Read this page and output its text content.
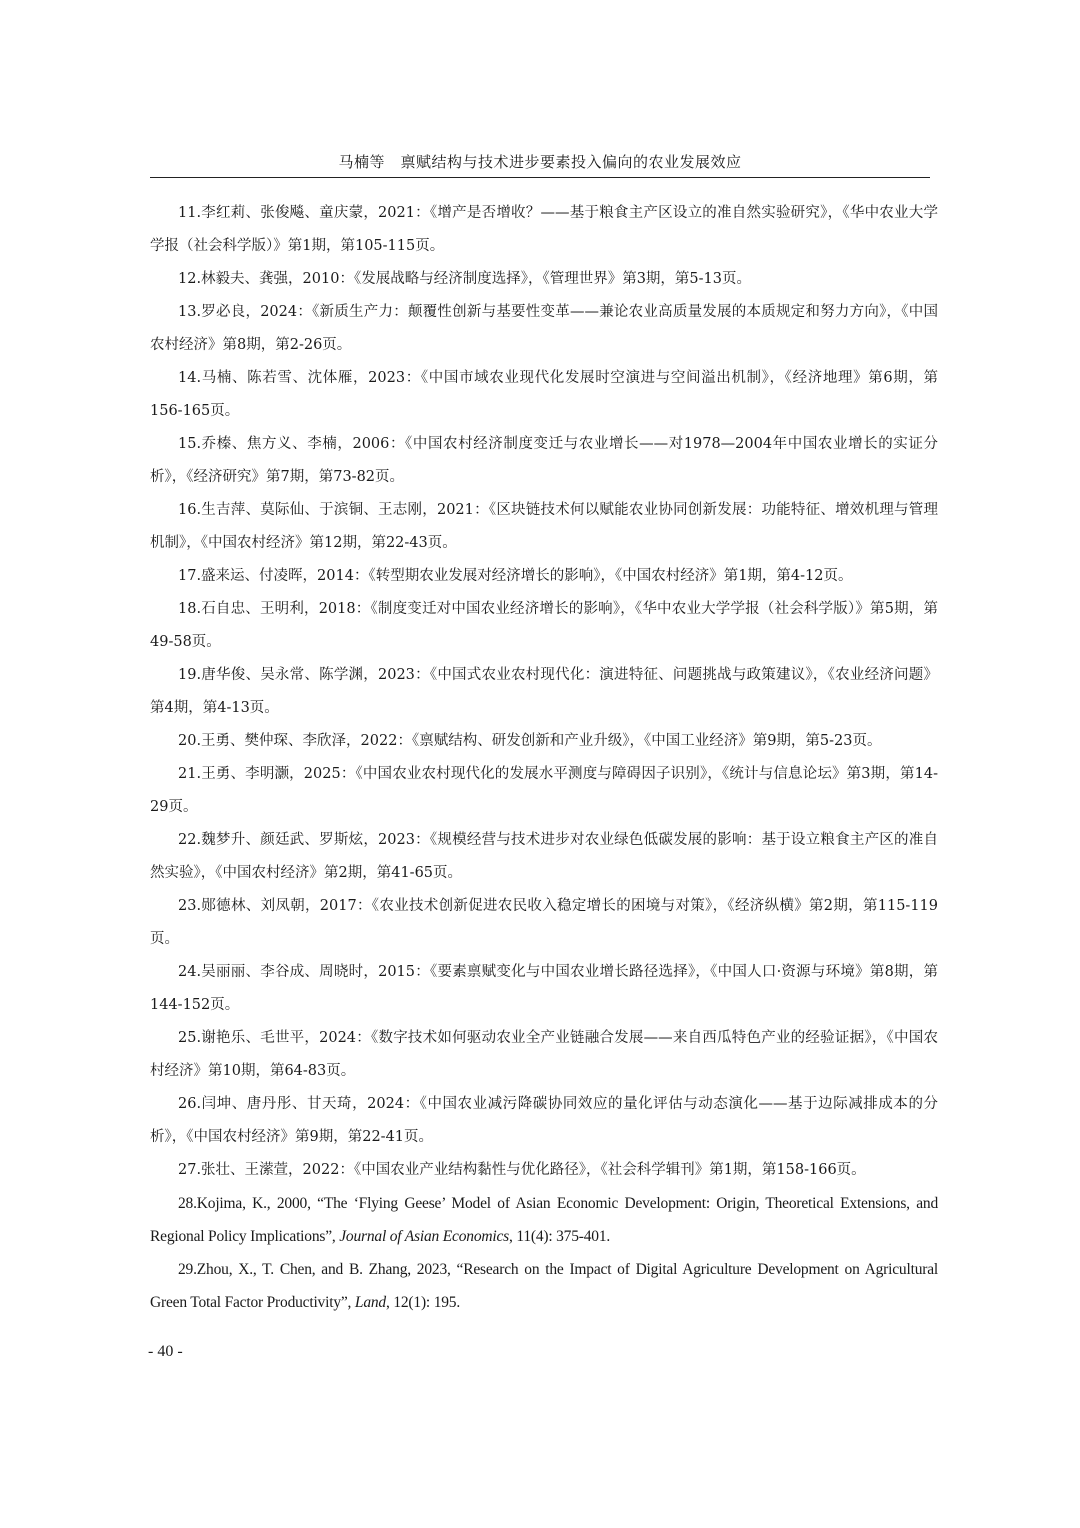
马楠等　禀赋结构与技术进步要素投入偏向的农业发展效应
11.李红莉、张俊飚、童庆蒙，2021：《增产是否增收？——基于粮食主产区设立的准自然实验研究》，《华中农业大学学报（社会科学版）》第1期，第105-115页。
12.林毅夫、龚强，2010：《发展战略与经济制度选择》，《管理世界》第3期，第5-13页。
13.罗必良，2024：《新质生产力：颠覆性创新与基要性变革——兼论农业高质量发展的本质规定和努力方向》，《中国农村经济》第8期，第2-26页。
14.马楠、陈若雪、沈体雁，2023：《中国市域农业现代化发展时空演进与空间溢出机制》，《经济地理》第6期，第156-165页。
15.乔榛、焦方义、李楠，2006：《中国农村经济制度变迁与农业增长——对1978—2004年中国农业增长的实证分析》，《经济研究》第7期，第73-82页。
16.生吉萍、莫际仙、于滨铜、王志刚，2021：《区块链技术何以赋能农业协同创新发展：功能特征、增效机理与管理机制》，《中国农村经济》第12期，第22-43页。
17.盛来运、付凌晖，2014：《转型期农业发展对经济增长的影响》，《中国农村经济》第1期，第4-12页。
18.石自忠、王明利，2018：《制度变迁对中国农业经济增长的影响》，《华中农业大学学报（社会科学版）》第5期，第49-58页。
19.唐华俊、吴永常、陈学渊，2023：《中国式农业农村现代化：演进特征、问题挑战与政策建议》，《农业经济问题》第4期，第4-13页。
20.王勇、樊仲琛、李欣泽，2022：《禀赋结构、研发创新和产业升级》，《中国工业经济》第9期，第5-23页。
21.王勇、李明灏，2025：《中国农业农村现代化的发展水平测度与障碍因子识别》，《统计与信息论坛》第3期，第14-29页。
22.魏梦升、颜廷武、罗斯炫，2023：《规模经营与技术进步对农业绿色低碳发展的影响：基于设立粮食主产区的准自然实验》，《中国农村经济》第2期，第41-65页。
23.郧德林、刘凤朝，2017：《农业技术创新促进农民收入稳定增长的困境与对策》，《经济纵横》第2期，第115-119页。
24.吴丽丽、李谷成、周晓时，2015：《要素禀赋变化与中国农业增长路径选择》，《中国人口·资源与环境》第8期，第144-152页。
25.谢艳乐、毛世平，2024：《数字技术如何驱动农业全产业链融合发展——来自西瓜特色产业的经验证据》，《中国农村经济》第10期，第64-83页。
26.闫坤、唐丹彤、甘天琦，2024：《中国农业减污降碳协同效应的量化评估与动态演化——基于边际减排成本的分析》，《中国农村经济》第9期，第22-41页。
27.张壮、王潆萱，2022：《中国农业产业结构黏性与优化路径》，《社会科学辑刊》第1期，第158-166页。
28.Kojima, K., 2000, “The ‘Flying Geese’ Model of Asian Economic Development: Origin, Theoretical Extensions, and Regional Policy Implications”, Journal of Asian Economics, 11(4): 375-401.
29.Zhou, X., T. Chen, and B. Zhang, 2023, “Research on the Impact of Digital Agriculture Development on Agricultural Green Total Factor Productivity”, Land, 12(1): 195.
- 40 -
